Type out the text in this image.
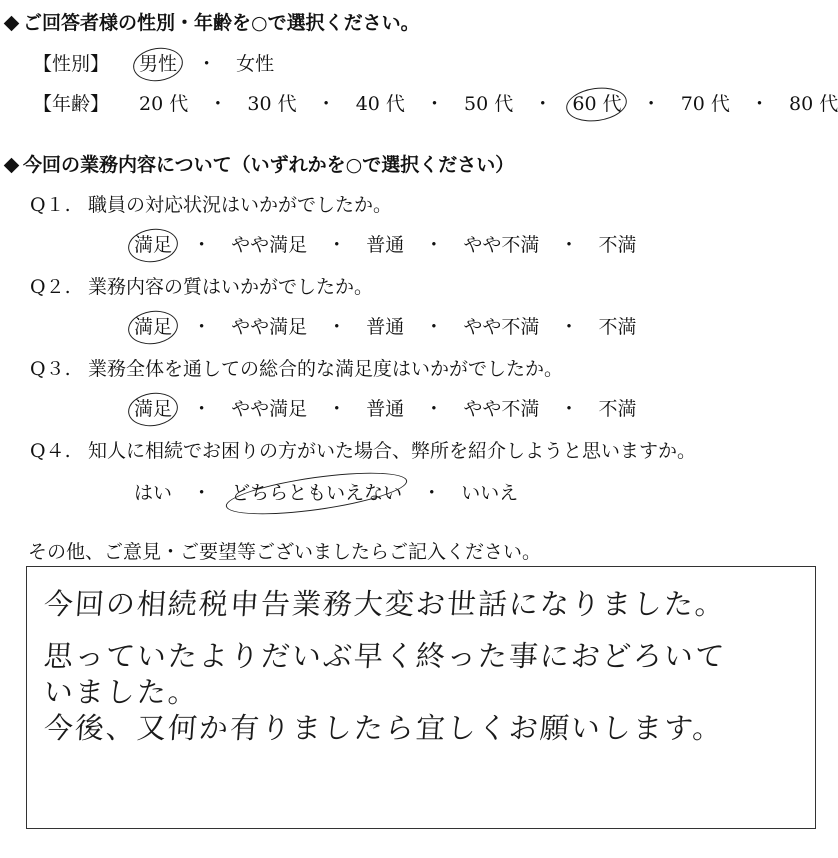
ご回答者様の性別・年齢を○で選択ください。
【性別】 男性 ・ 女性
【年齢】 20 代 ・ 30 代 ・ 40 代 ・ 50 代 ・ 60 代 ・ 70 代 ・ 80 代
今回の業務内容について（いずれかを○で選択ください）
Q１. 職員の対応状況はいかがでしたか。
満足 ・ やや満足 ・ 普通 ・ やや不満 ・ 不満
Q２. 業務内容の質はいかがでしたか。
満足 ・ やや満足 ・ 普通 ・ やや不満 ・ 不満
Q３. 業務全体を通しての総合的な満足度はいかがでしたか。
満足 ・ やや満足 ・ 普通 ・ やや不満 ・ 不満
Q４. 知人に相続でお困りの方がいた場合、弊所を紹介しようと思いますか。
はい ・ どちらともいえない ・ いいえ
その他、ご意見・ご要望等ございましたらご記入ください。
今回の相続税申告業務大変お世話になりました。
思っていたよりだいぶ早く終った事におどろいて
いました。
今後、又何か有りましたら宜しくお願いします。
